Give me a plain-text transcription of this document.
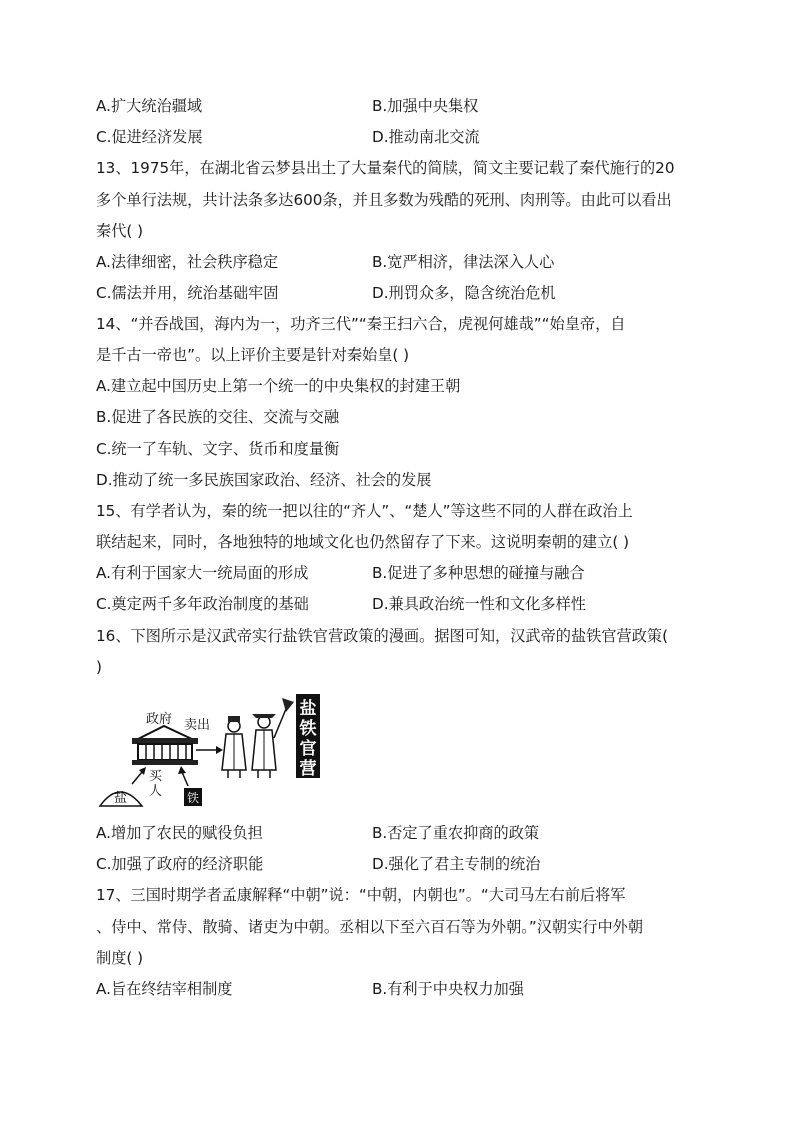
A.扩大统治疆域	B.加强中央集权
C.促进经济发展	D.推动南北交流
13、1975年，在湖北省云梦县出土了大量秦代的简牍，简文主要记载了秦代施行的20
多个单行法规，共计法条多达600条，并且多数为残酷的死刑、肉刑等。由此可以看出
秦代( )
A.法律细密，社会秩序稳定	B.宽严相济，律法深入人心
C.儒法并用，统治基础牢固	D.刑罚众多，隐含统治危机
14、“并吞战国，海内为一，功齐三代”“秦王扫六合，虎视何雄哉”“始皇帝，自
是千古一帝也”。以上评价主要是针对秦始皇( )
A.建立起中国历史上第一个统一的中央集权的封建王朝
B.促进了各民族的交往、交流与交融
C.统一了车轨、文字、货币和度量衡
D.推动了统一多民族国家政治、经济、社会的发展
15、有学者认为，秦的统一把以往的“齐人”、“楚人”等这些不同的人群在政治上
联结起来，同时，各地独特的地域文化也仍然留存了下来。这说明秦朝的建立( )
A.有利于国家大一统局面的形成	B.促进了多种思想的碰撞与融合
C.奠定两千多年政治制度的基础	D.兼具政治统一性和文化多样性
16、下图所示是汉武帝实行盐铁官营政策的漫画。据图可知，汉武帝的盐铁官营政策(
)
政府 卖出
盐
铁
官
营
买
人
盐	铁
A.增加了农民的赋役负担	B.否定了重农抑商的政策
C.加强了政府的经济职能	D.强化了君主专制的统治
17、三国时期学者孟康解释“中朝”说：“中朝，内朝也”。“大司马左右前后将军
、侍中、常侍、散骑、诸吏为中朝。丞相以下至六百石等为外朝。”汉朝实行中外朝
制度( )
A.旨在终结宰相制度	B.有利于中央权力加强
